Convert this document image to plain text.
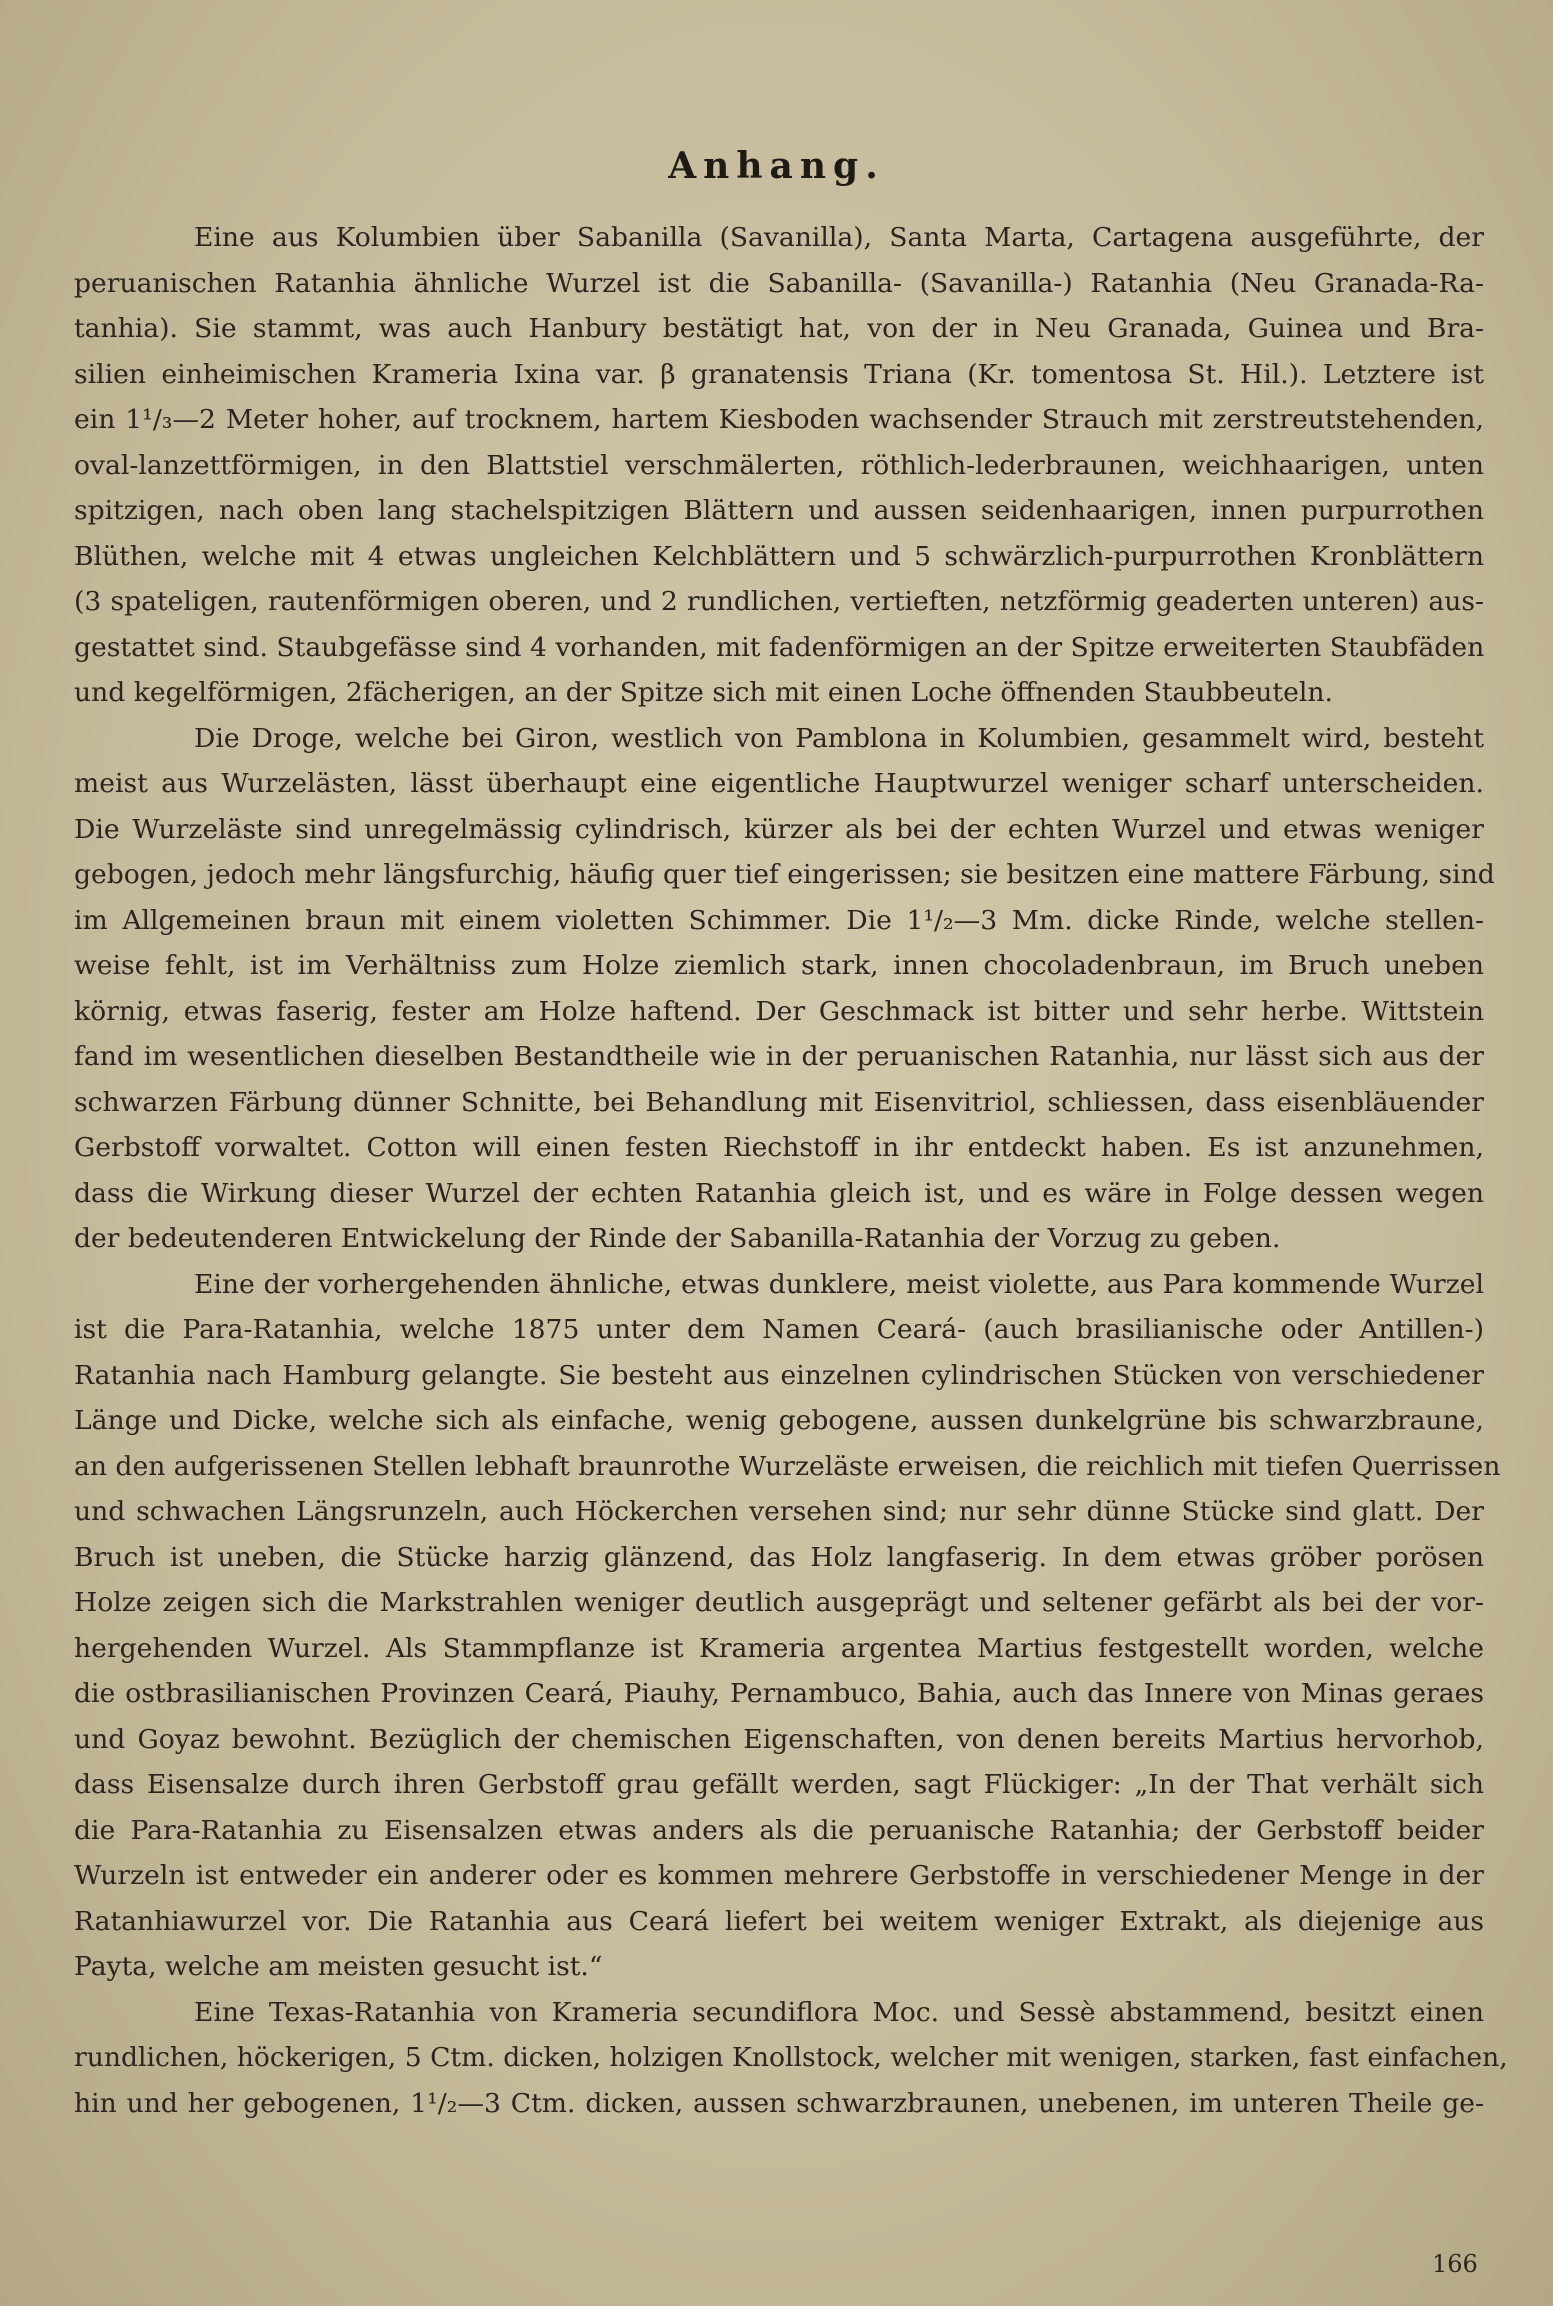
Anhang.
Eine aus Kolumbien über Sabanilla (Savanilla), Santa Marta, Cartagena ausgeführte, der
peruanischen Ratanhia ähnliche Wurzel ist die Sabanilla- (Savanilla-) Ratanhia (Neu Granada-Ra-
tanhia). Sie stammt, was auch Hanbury bestätigt hat, von der in Neu Granada, Guinea und Bra-
silien einheimischen Krameria Ixina var. β granatensis Triana (Kr. tomentosa St. Hil.). Letztere ist
ein 1¹/₃—2 Meter hoher, auf trocknem, hartem Kiesboden wachsender Strauch mit zerstreutstehenden,
oval-lanzettförmigen, in den Blattstiel verschmälerten, röthlich-lederbraunen, weichhaarigen, unten
spitzigen, nach oben lang stachelspitzigen Blättern und aussen seidenhaarigen, innen purpurrothen
Blüthen, welche mit 4 etwas ungleichen Kelchblättern und 5 schwärzlich-purpurrothen Kronblättern
(3 spateligen, rautenförmigen oberen, und 2 rundlichen, vertieften, netzförmig geaderten unteren) aus-
gestattet sind. Staubgefässe sind 4 vorhanden, mit fadenförmigen an der Spitze erweiterten Staubfäden
und kegelförmigen, 2fächerigen, an der Spitze sich mit einen Loche öffnenden Staubbeuteln.
Die Droge, welche bei Giron, westlich von Pamblona in Kolumbien, gesammelt wird, besteht
meist aus Wurzelästen, lässt überhaupt eine eigentliche Hauptwurzel weniger scharf unterscheiden.
Die Wurzeläste sind unregelmässig cylindrisch, kürzer als bei der echten Wurzel und etwas weniger
gebogen, jedoch mehr längsfurchig, häufig quer tief eingerissen; sie besitzen eine mattere Färbung, sind
im Allgemeinen braun mit einem violetten Schimmer. Die 1¹/₂—3 Mm. dicke Rinde, welche stellen-
weise fehlt, ist im Verhältniss zum Holze ziemlich stark, innen chocoladenbraun, im Bruch uneben
körnig, etwas faserig, fester am Holze haftend. Der Geschmack ist bitter und sehr herbe. Wittstein
fand im wesentlichen dieselben Bestandtheile wie in der peruanischen Ratanhia, nur lässt sich aus der
schwarzen Färbung dünner Schnitte, bei Behandlung mit Eisenvitriol, schliessen, dass eisenbläuender
Gerbstoff vorwaltet. Cotton will einen festen Riechstoff in ihr entdeckt haben. Es ist anzunehmen,
dass die Wirkung dieser Wurzel der echten Ratanhia gleich ist, und es wäre in Folge dessen wegen
der bedeutenderen Entwickelung der Rinde der Sabanilla-Ratanhia der Vorzug zu geben.
Eine der vorhergehenden ähnliche, etwas dunklere, meist violette, aus Para kommende Wurzel
ist die Para-Ratanhia, welche 1875 unter dem Namen Ceará- (auch brasilianische oder Antillen-)
Ratanhia nach Hamburg gelangte. Sie besteht aus einzelnen cylindrischen Stücken von verschiedener
Länge und Dicke, welche sich als einfache, wenig gebogene, aussen dunkelgrüne bis schwarzbraune,
an den aufgerissenen Stellen lebhaft braunrothe Wurzeläste erweisen, die reichlich mit tiefen Querrissen
und schwachen Längsrunzeln, auch Höckerchen versehen sind; nur sehr dünne Stücke sind glatt. Der
Bruch ist uneben, die Stücke harzig glänzend, das Holz langfaserig. In dem etwas gröber porösen
Holze zeigen sich die Markstrahlen weniger deutlich ausgeprägt und seltener gefärbt als bei der vor-
hergehenden Wurzel. Als Stammpflanze ist Krameria argentea Martius festgestellt worden, welche
die ostbrasilianischen Provinzen Ceará, Piauhy, Pernambuco, Bahia, auch das Innere von Minas geraes
und Goyaz bewohnt. Bezüglich der chemischen Eigenschaften, von denen bereits Martius hervorhob,
dass Eisensalze durch ihren Gerbstoff grau gefällt werden, sagt Flückiger: „In der That verhält sich
die Para-Ratanhia zu Eisensalzen etwas anders als die peruanische Ratanhia; der Gerbstoff beider
Wurzeln ist entweder ein anderer oder es kommen mehrere Gerbstoffe in verschiedener Menge in der
Ratanhiawurzel vor. Die Ratanhia aus Ceará liefert bei weitem weniger Extrakt, als diejenige aus
Payta, welche am meisten gesucht ist.“
Eine Texas-Ratanhia von Krameria secundiflora Moc. und Sessè abstammend, besitzt einen
rundlichen, höckerigen, 5 Ctm. dicken, holzigen Knollstock, welcher mit wenigen, starken, fast einfachen,
hin und her gebogenen, 1¹/₂—3 Ctm. dicken, aussen schwarzbraunen, unebenen, im unteren Theile ge-
166
